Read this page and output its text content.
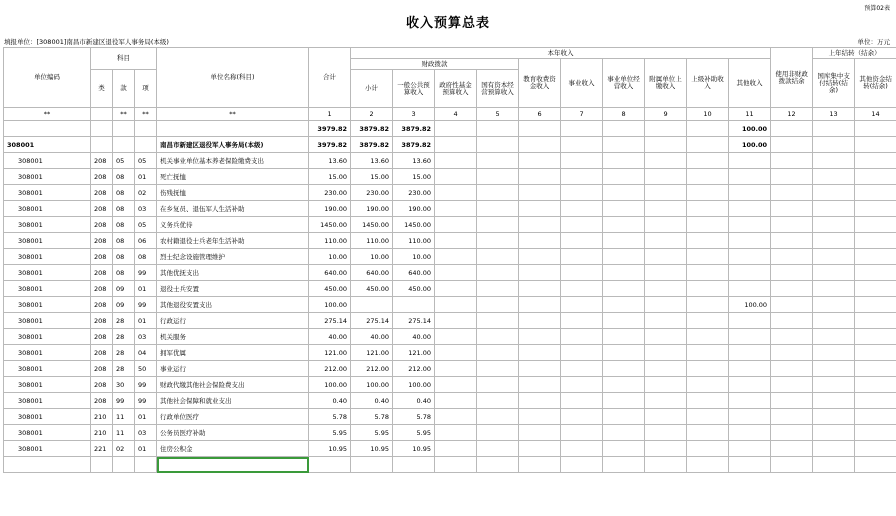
预算02表
收入预算总表
填报单位：[308001]南昌市新建区退役军人事务局(本级)	单位：万元
单位编码	科目			单位名称(科目)	合计	本年收入										使用非财政拨款结余	上年结转（结余）	
						财政拨款				教育收费资金收入	事业收入	事业单位经营收入	附属单位上缴收入	上级补助收入	其他收入		国库集中支付结转(结余)	其他资金结转(结余)
	类	款	项			小计	一般公共预算收入	政府性基金预算收入	国有资本经营预算收入									
**		**	**	**	1	2	3	4	5	6	7	8	9	10	11	12	13	14
					3979.82	3879.82	3879.82								100.00			
308001				南昌市新建区退役军人事务局(本级)	3979.82	3879.82	3879.82								100.00			
308001	208	05	05	机关事业单位基本养老保险缴费支出	13.60	13.60	13.60											
308001	208	08	01	死亡抚恤	15.00	15.00	15.00											
308001	208	08	02	伤残抚恤	230.00	230.00	230.00											
308001	208	08	03	在乡复员、退伍军人生活补助	190.00	190.00	190.00											
308001	208	08	05	义务兵优待	1450.00	1450.00	1450.00											
308001	208	08	06	农村籍退役士兵老年生活补助	110.00	110.00	110.00											
308001	208	08	08	烈士纪念设施管理维护	10.00	10.00	10.00											
308001	208	08	99	其他优抚支出	640.00	640.00	640.00											
308001	208	09	01	退役士兵安置	450.00	450.00	450.00											
308001	208	09	99	其他退役安置支出	100.00										100.00			
308001	208	28	01	行政运行	275.14	275.14	275.14											
308001	208	28	03	机关服务	40.00	40.00	40.00											
308001	208	28	04	拥军优属	121.00	121.00	121.00											
308001	208	28	50	事业运行	212.00	212.00	212.00											
308001	208	30	99	财政代缴其他社会保险费支出	100.00	100.00	100.00											
308001	208	99	99	其他社会保障和就业支出	0.40	0.40	0.40											
308001	210	11	01	行政单位医疗	5.78	5.78	5.78											
308001	210	11	03	公务员医疗补助	5.95	5.95	5.95											
308001	221	02	01	住房公积金	10.95	10.95	10.95											
